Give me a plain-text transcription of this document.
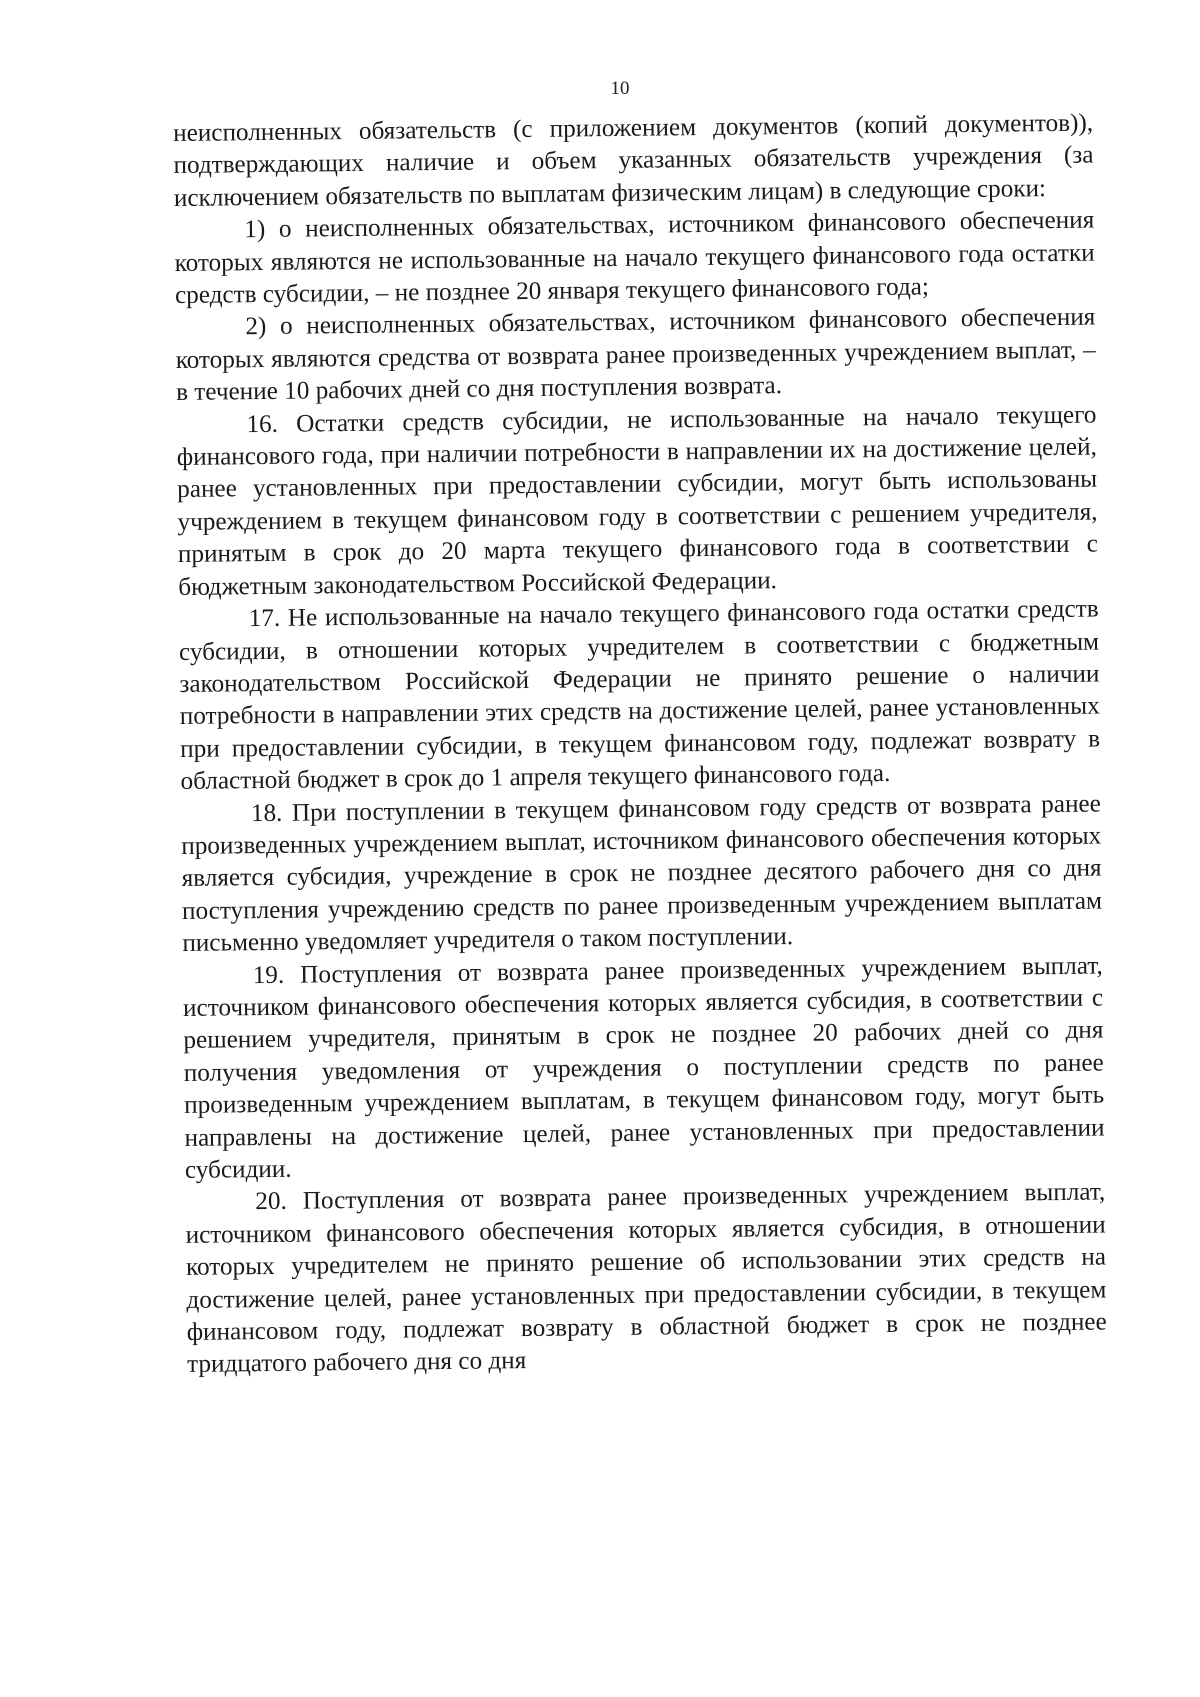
10

неисполненных обязательств (с приложением документов (копий документов)), подтверждающих наличие и объем указанных обязательств учреждения (за исключением обязательств по выплатам физическим лицам) в следующие сроки:

1) о неисполненных обязательствах, источником финансового обеспечения которых являются не использованные на начало текущего финансового года остатки средств субсидии, – не позднее 20 января текущего финансового года;

2) о неисполненных обязательствах, источником финансового обеспечения которых являются средства от возврата ранее произведенных учреждением выплат, – в течение 10 рабочих дней со дня поступления возврата.

16. Остатки средств субсидии, не использованные на начало текущего финансового года, при наличии потребности в направлении их на достижение целей, ранее установленных при предоставлении субсидии, могут быть использованы учреждением в текущем финансовом году в соответствии с решением учредителя, принятым в срок до 20 марта текущего финансового года в соответствии с бюджетным законодательством Российской Федерации.

17. Не использованные на начало текущего финансового года остатки средств субсидии, в отношении которых учредителем в соответствии с бюджетным законодательством Российской Федерации не принято решение о наличии потребности в направлении этих средств на достижение целей, ранее установленных при предоставлении субсидии, в текущем финансовом году, подлежат возврату в областной бюджет в срок до 1 апреля текущего финансового года.

18. При поступлении в текущем финансовом году средств от возврата ранее произведенных учреждением выплат, источником финансового обеспечения которых является субсидия, учреждение в срок не позднее десятого рабочего дня со дня поступления учреждению средств по ранее произведенным учреждением выплатам письменно уведомляет учредителя о таком поступлении.

19. Поступления от возврата ранее произведенных учреждением выплат, источником финансового обеспечения которых является субсидия, в соответствии с решением учредителя, принятым в срок не позднее 20 рабочих дней со дня получения уведомления от учреждения о поступлении средств по ранее произведенным учреждением выплатам, в текущем финансовом году, могут быть направлены на достижение целей, ранее установленных при предоставлении субсидии.

20. Поступления от возврата ранее произведенных учреждением выплат, источником финансового обеспечения которых является субсидия, в отношении которых учредителем не принято решение об использовании этих средств на достижение целей, ранее установленных при предоставлении субсидии, в текущем финансовом году, подлежат возврату в областной бюджет в срок не позднее тридцатого рабочего дня со дня
